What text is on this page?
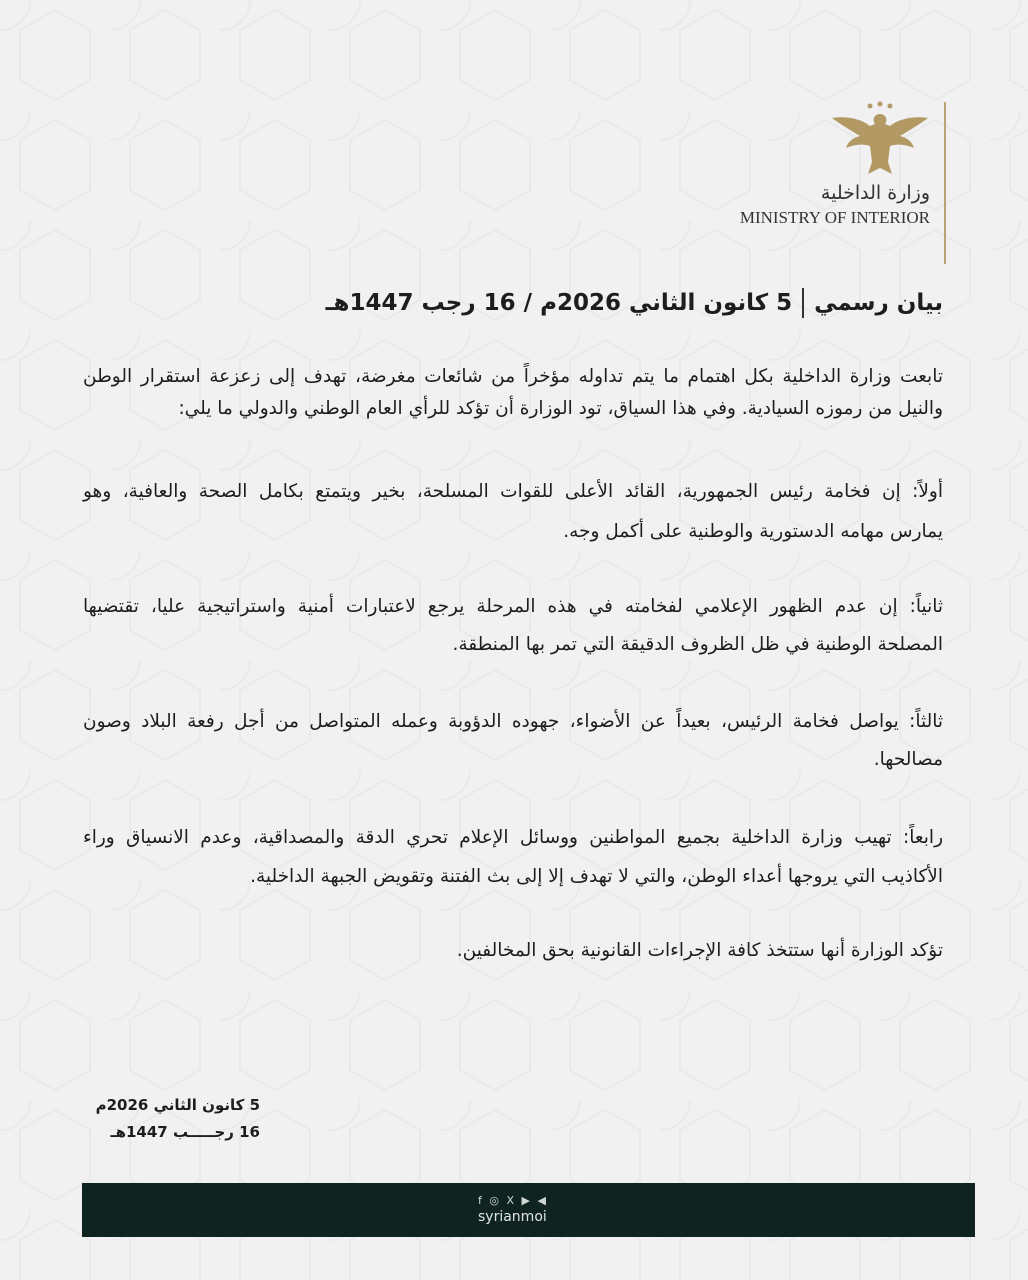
وزارة الداخلية
MINISTRY OF INTERIOR
بيان رسمي
5 كانون الثاني 2026م / 16 رجب 1447هـ
تابعت وزارة الداخلية بكل اهتمام ما يتم تداوله مؤخراً من شائعات مغرضة، تهدف إلى زعزعة استقرار الوطن
والنيل من رموزه السيادية. وفي هذا السياق، تود الوزارة أن تؤكد للرأي العام الوطني والدولي ما يلي:
أولاً: إن فخامة رئيس الجمهورية، القائد الأعلى للقوات المسلحة، بخير ويتمتع بكامل الصحة والعافية، وهو
يمارس مهامه الدستورية والوطنية على أكمل وجه.
ثانياً: إن عدم الظهور الإعلامي لفخامته في هذه المرحلة يرجع لاعتبارات أمنية واستراتيجية عليا، تقتضيها
المصلحة الوطنية في ظل الظروف الدقيقة التي تمر بها المنطقة.
ثالثاً: يواصل فخامة الرئيس، بعيداً عن الأضواء، جهوده الدؤوبة وعمله المتواصل من أجل رفعة البلاد وصون
مصالحها.
رابعاً: تهيب وزارة الداخلية بجميع المواطنين ووسائل الإعلام تحري الدقة والمصداقية، وعدم الانسياق وراء
الأكاذيب التي يروجها أعداء الوطن، والتي لا تهدف إلا إلى بث الفتنة وتقويض الجبهة الداخلية.
تؤكد الوزارة أنها ستتخذ كافة الإجراءات القانونية بحق المخالفين.
5 كانون الثاني 2026م
16 رجـــــب 1447هـ
f ◎ X ▶ ◀
syrianmoi
